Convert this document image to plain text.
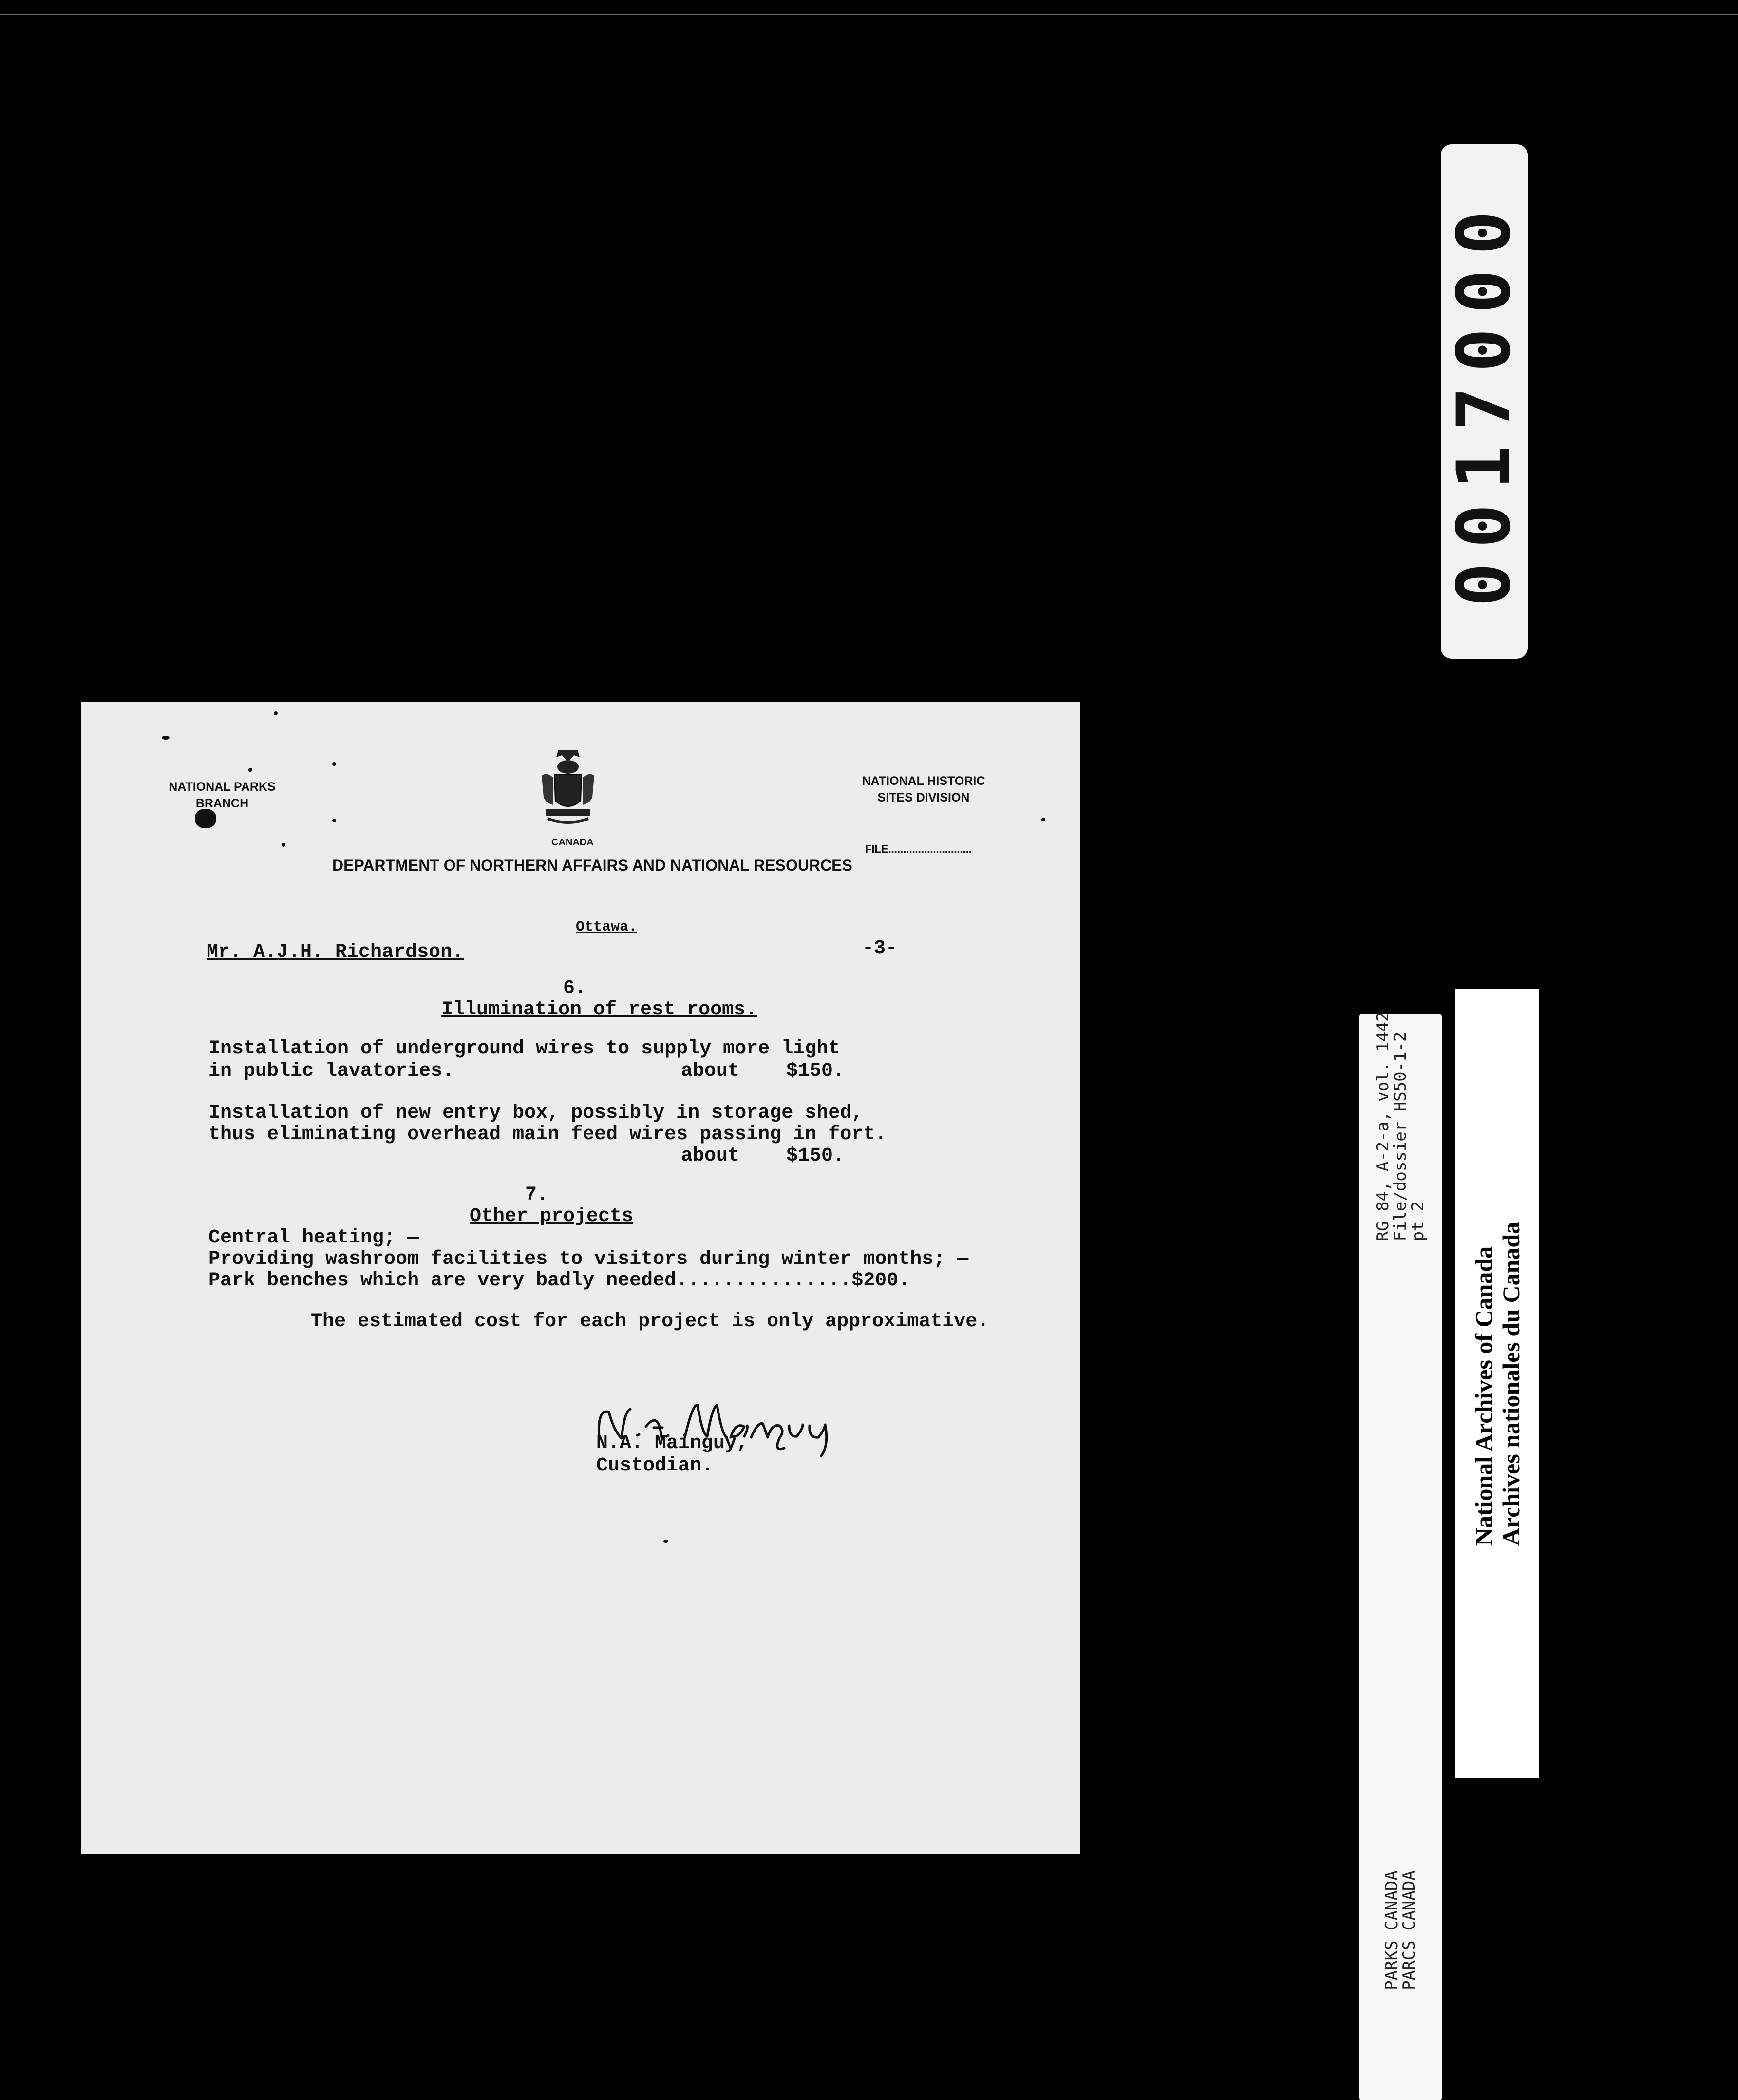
0017000
NATIONAL PARKS
BRANCH
CANADA
NATIONAL HISTORIC
SITES DIVISION
FILE............................
DEPARTMENT OF NORTHERN AFFAIRS AND NATIONAL RESOURCES
Ottawa.
Mr. A.J.H. Richardson.	-3-
6.
Illumination of rest rooms.
Installation of underground wires to supply more light
in public lavatories.	about    $150.
Installation of new entry box, possibly in storage shed,
thus eliminating overhead main feed wires passing in fort.
about    $150.
7.
Other projects
Central heating; —
Providing washroom facilities to visitors during winter months; —
Park benches which are very badly needed...............$200.
The estimated cost for each project is only approximative.
N.A. Mainguy,
Custodian.
RG 84, A-2-a, vol. 1442
File/dossier HS50-1-2
pt 2
PARKS CANADA
PARCS CANADA
National Archives of Canada Archives nationales du Canada
